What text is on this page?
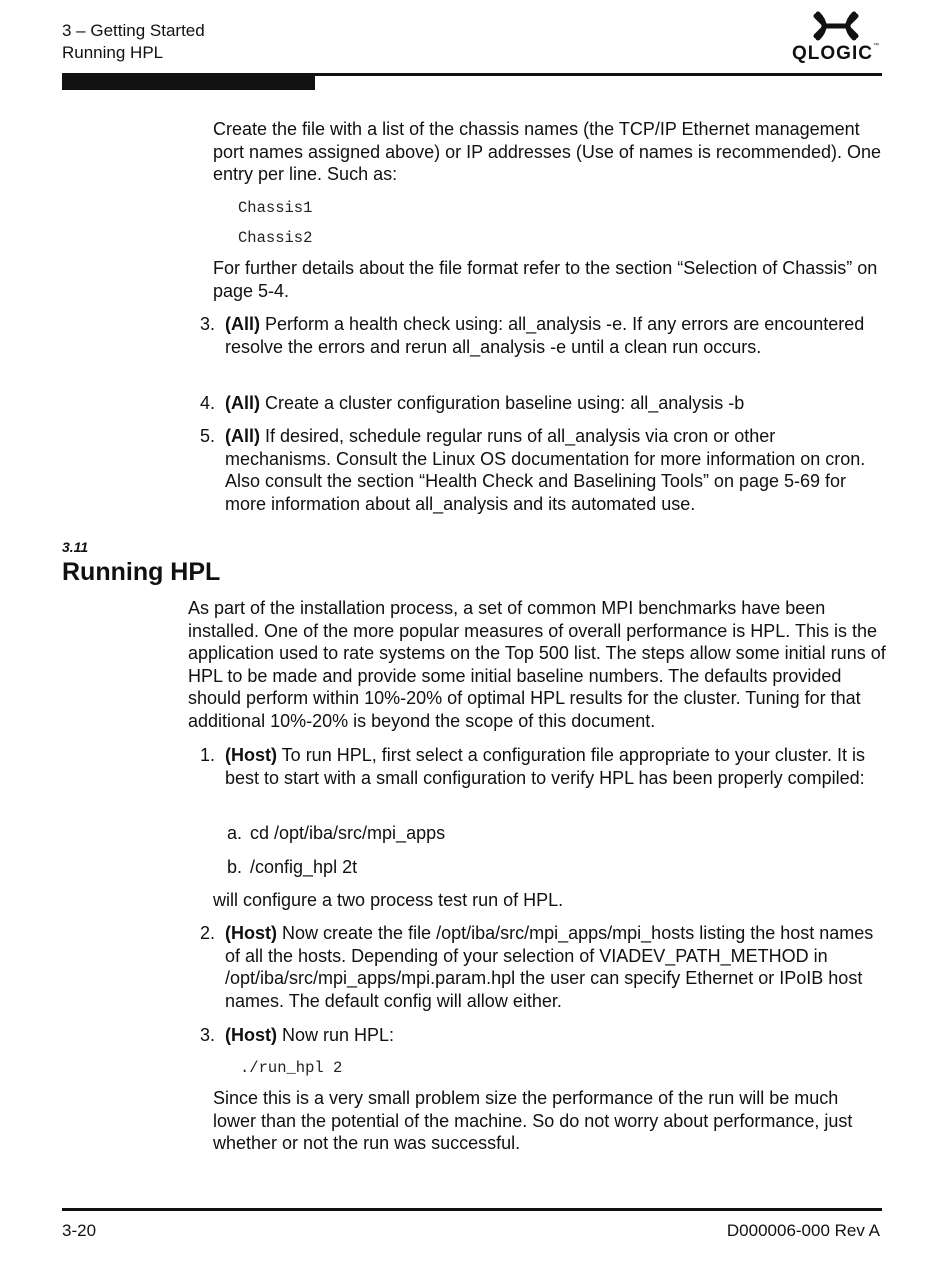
3 – Getting Started
Running HPL	QLOGIC™

Create the file with a list of the chassis names (the TCP/IP Ethernet management port names assigned above) or IP addresses (Use of names is recommended). One entry per line. Such as:

Chassis1
Chassis2

For further details about the file format refer to the section “Selection of Chassis” on page 5-4.

3. (All) Perform a health check using: all_analysis -e. If any errors are encountered resolve the errors and rerun all_analysis -e until a clean run occurs.

4. (All) Create a cluster configuration baseline using: all_analysis -b

5. (All) If desired, schedule regular runs of all_analysis via cron or other mechanisms. Consult the Linux OS documentation for more information on cron. Also consult the section “Health Check and Baselining Tools” on page 5-69 for more information about all_analysis and its automated use.

3.11
Running HPL

As part of the installation process, a set of common MPI benchmarks have been installed. One of the more popular measures of overall performance is HPL. This is the application used to rate systems on the Top 500 list. The steps allow some initial runs of HPL to be made and provide some initial baseline numbers. The defaults provided should perform within 10%-20% of optimal HPL results for the cluster. Tuning for that additional 10%-20% is beyond the scope of this document.

1. (Host) To run HPL, first select a configuration file appropriate to your cluster. It is best to start with a small configuration to verify HPL has been properly compiled:

a. cd /opt/iba/src/mpi_apps

b. /config_hpl 2t

will configure a two process test run of HPL.

2. (Host) Now create the file /opt/iba/src/mpi_apps/mpi_hosts listing the host names of all the hosts. Depending of your selection of VIADEV_PATH_METHOD in /opt/iba/src/mpi_apps/mpi.param.hpl the user can specify Ethernet or IPoIB host names. The default config will allow either.

3. (Host) Now run HPL:

./run_hpl 2

Since this is a very small problem size the performance of the run will be much lower than the potential of the machine. So do not worry about performance, just whether or not the run was successful.

3-20	D000006-000 Rev A
